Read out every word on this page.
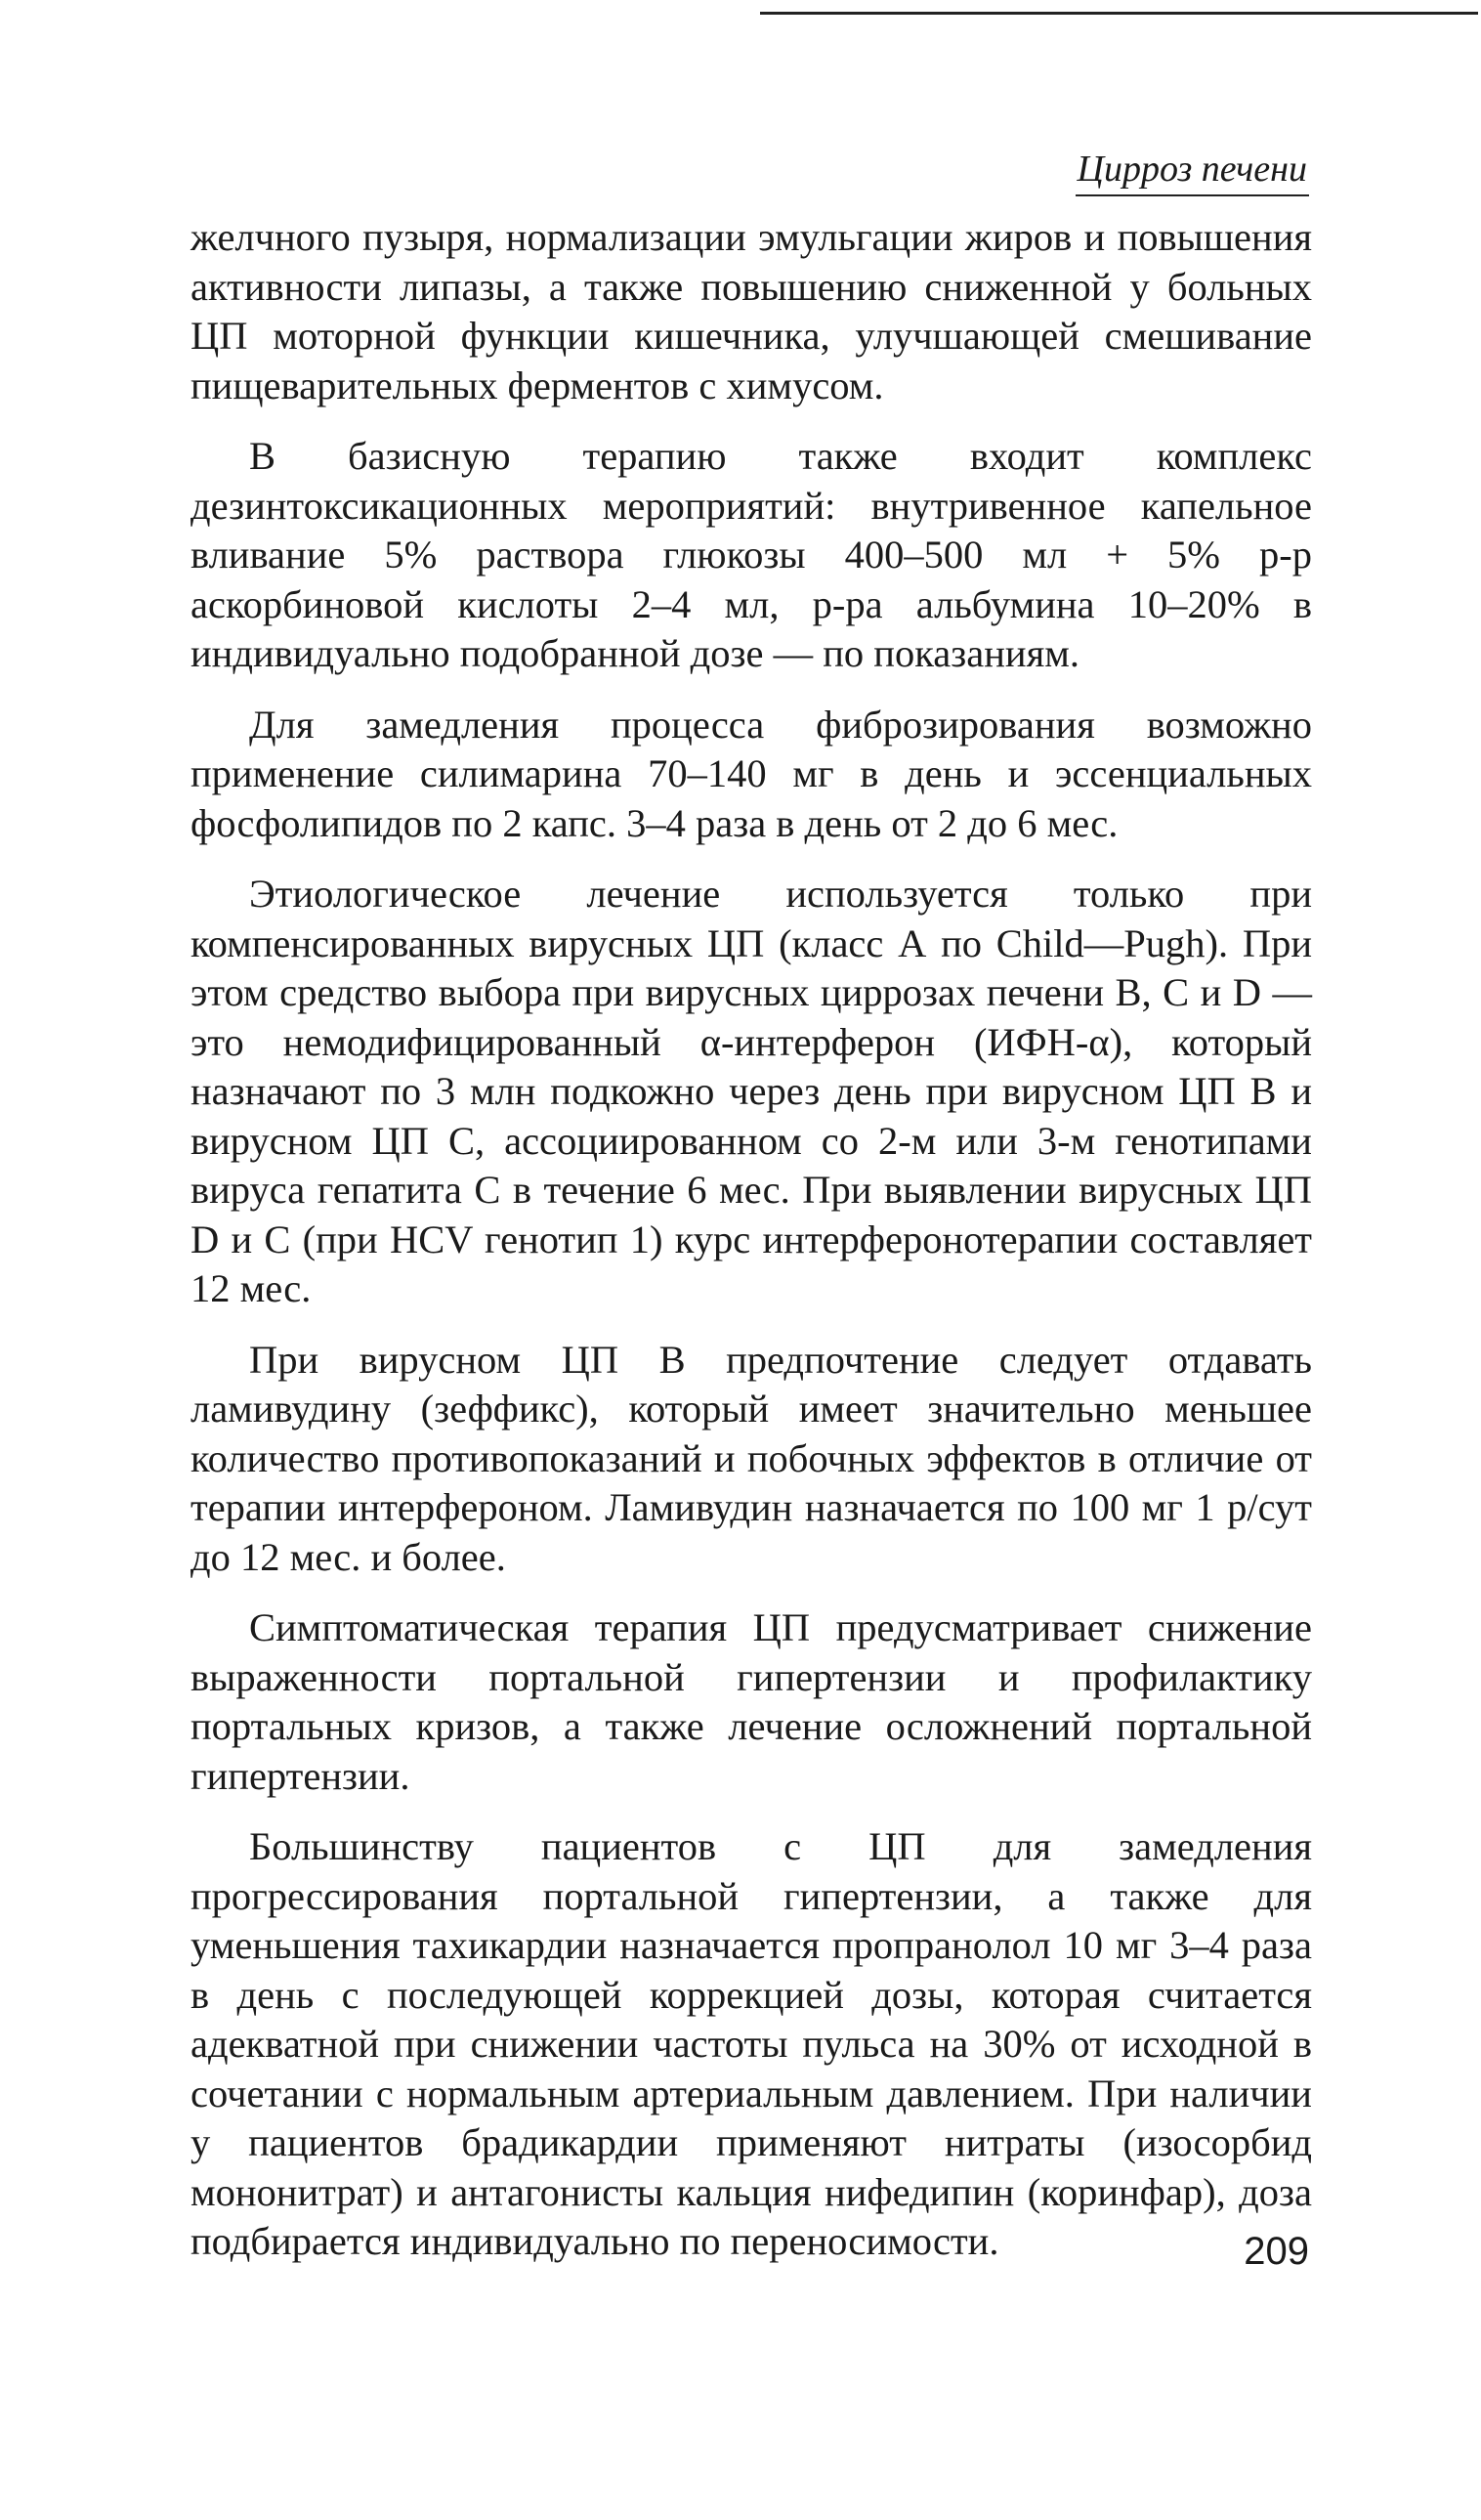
Цирроз печени

желчного пузыря, нормализации эмульгации жиров и повышения активности липазы, а также повышению сниженной у больных ЦП моторной функции кишечника, улучшающей смешивание пищеварительных ферментов с химусом.

В базисную терапию также входит комплекс дезинтоксикационных мероприятий: внутривенное капельное вливание 5% раствора глюкозы 400–500 мл + 5% р-р аскорбиновой кислоты 2–4 мл, р-ра альбумина 10–20% в индивидуально подобранной дозе — по показаниям.

Для замедления процесса фиброзирования возможно применение силимарина 70–140 мг в день и эссенциальных фосфолипидов по 2 капс. 3–4 раза в день от 2 до 6 мес.

Этиологическое лечение используется только при компенсированных вирусных ЦП (класс А по Child—Pugh). При этом средство выбора при вирусных циррозах печени В, С и D — это немодифицированный α-интерферон (ИФН-α), который назначают по 3 млн подкожно через день при вирусном ЦП В и вирусном ЦП С, ассоциированном со 2-м или 3-м генотипами вируса гепатита С в течение 6 мес. При выявлении вирусных ЦП D и С (при HCV генотип 1) курс интерферонотерапии составляет 12 мес.

При вирусном ЦП В предпочтение следует отдавать ламивудину (зеффикс), который имеет значительно меньшее количество противопоказаний и побочных эффектов в отличие от терапии интерфероном. Ламивудин назначается по 100 мг 1 р/сут до 12 мес. и более.

Симптоматическая терапия ЦП предусматривает снижение выраженности портальной гипертензии и профилактику портальных кризов, а также лечение осложнений портальной гипертензии.

Большинству пациентов с ЦП для замедления прогрессирования портальной гипертензии, а также для уменьшения тахикардии назначается пропранолол 10 мг 3–4 раза в день с последующей коррекцией дозы, которая считается адекватной при снижении частоты пульса на 30% от исходной в сочетании с нормальным артериальным давлением. При наличии у пациентов брадикардии применяют нитраты (изосорбид мононитрат) и антагонисты кальция нифедипин (коринфар), доза подбирается индивидуально по переносимости.	209
